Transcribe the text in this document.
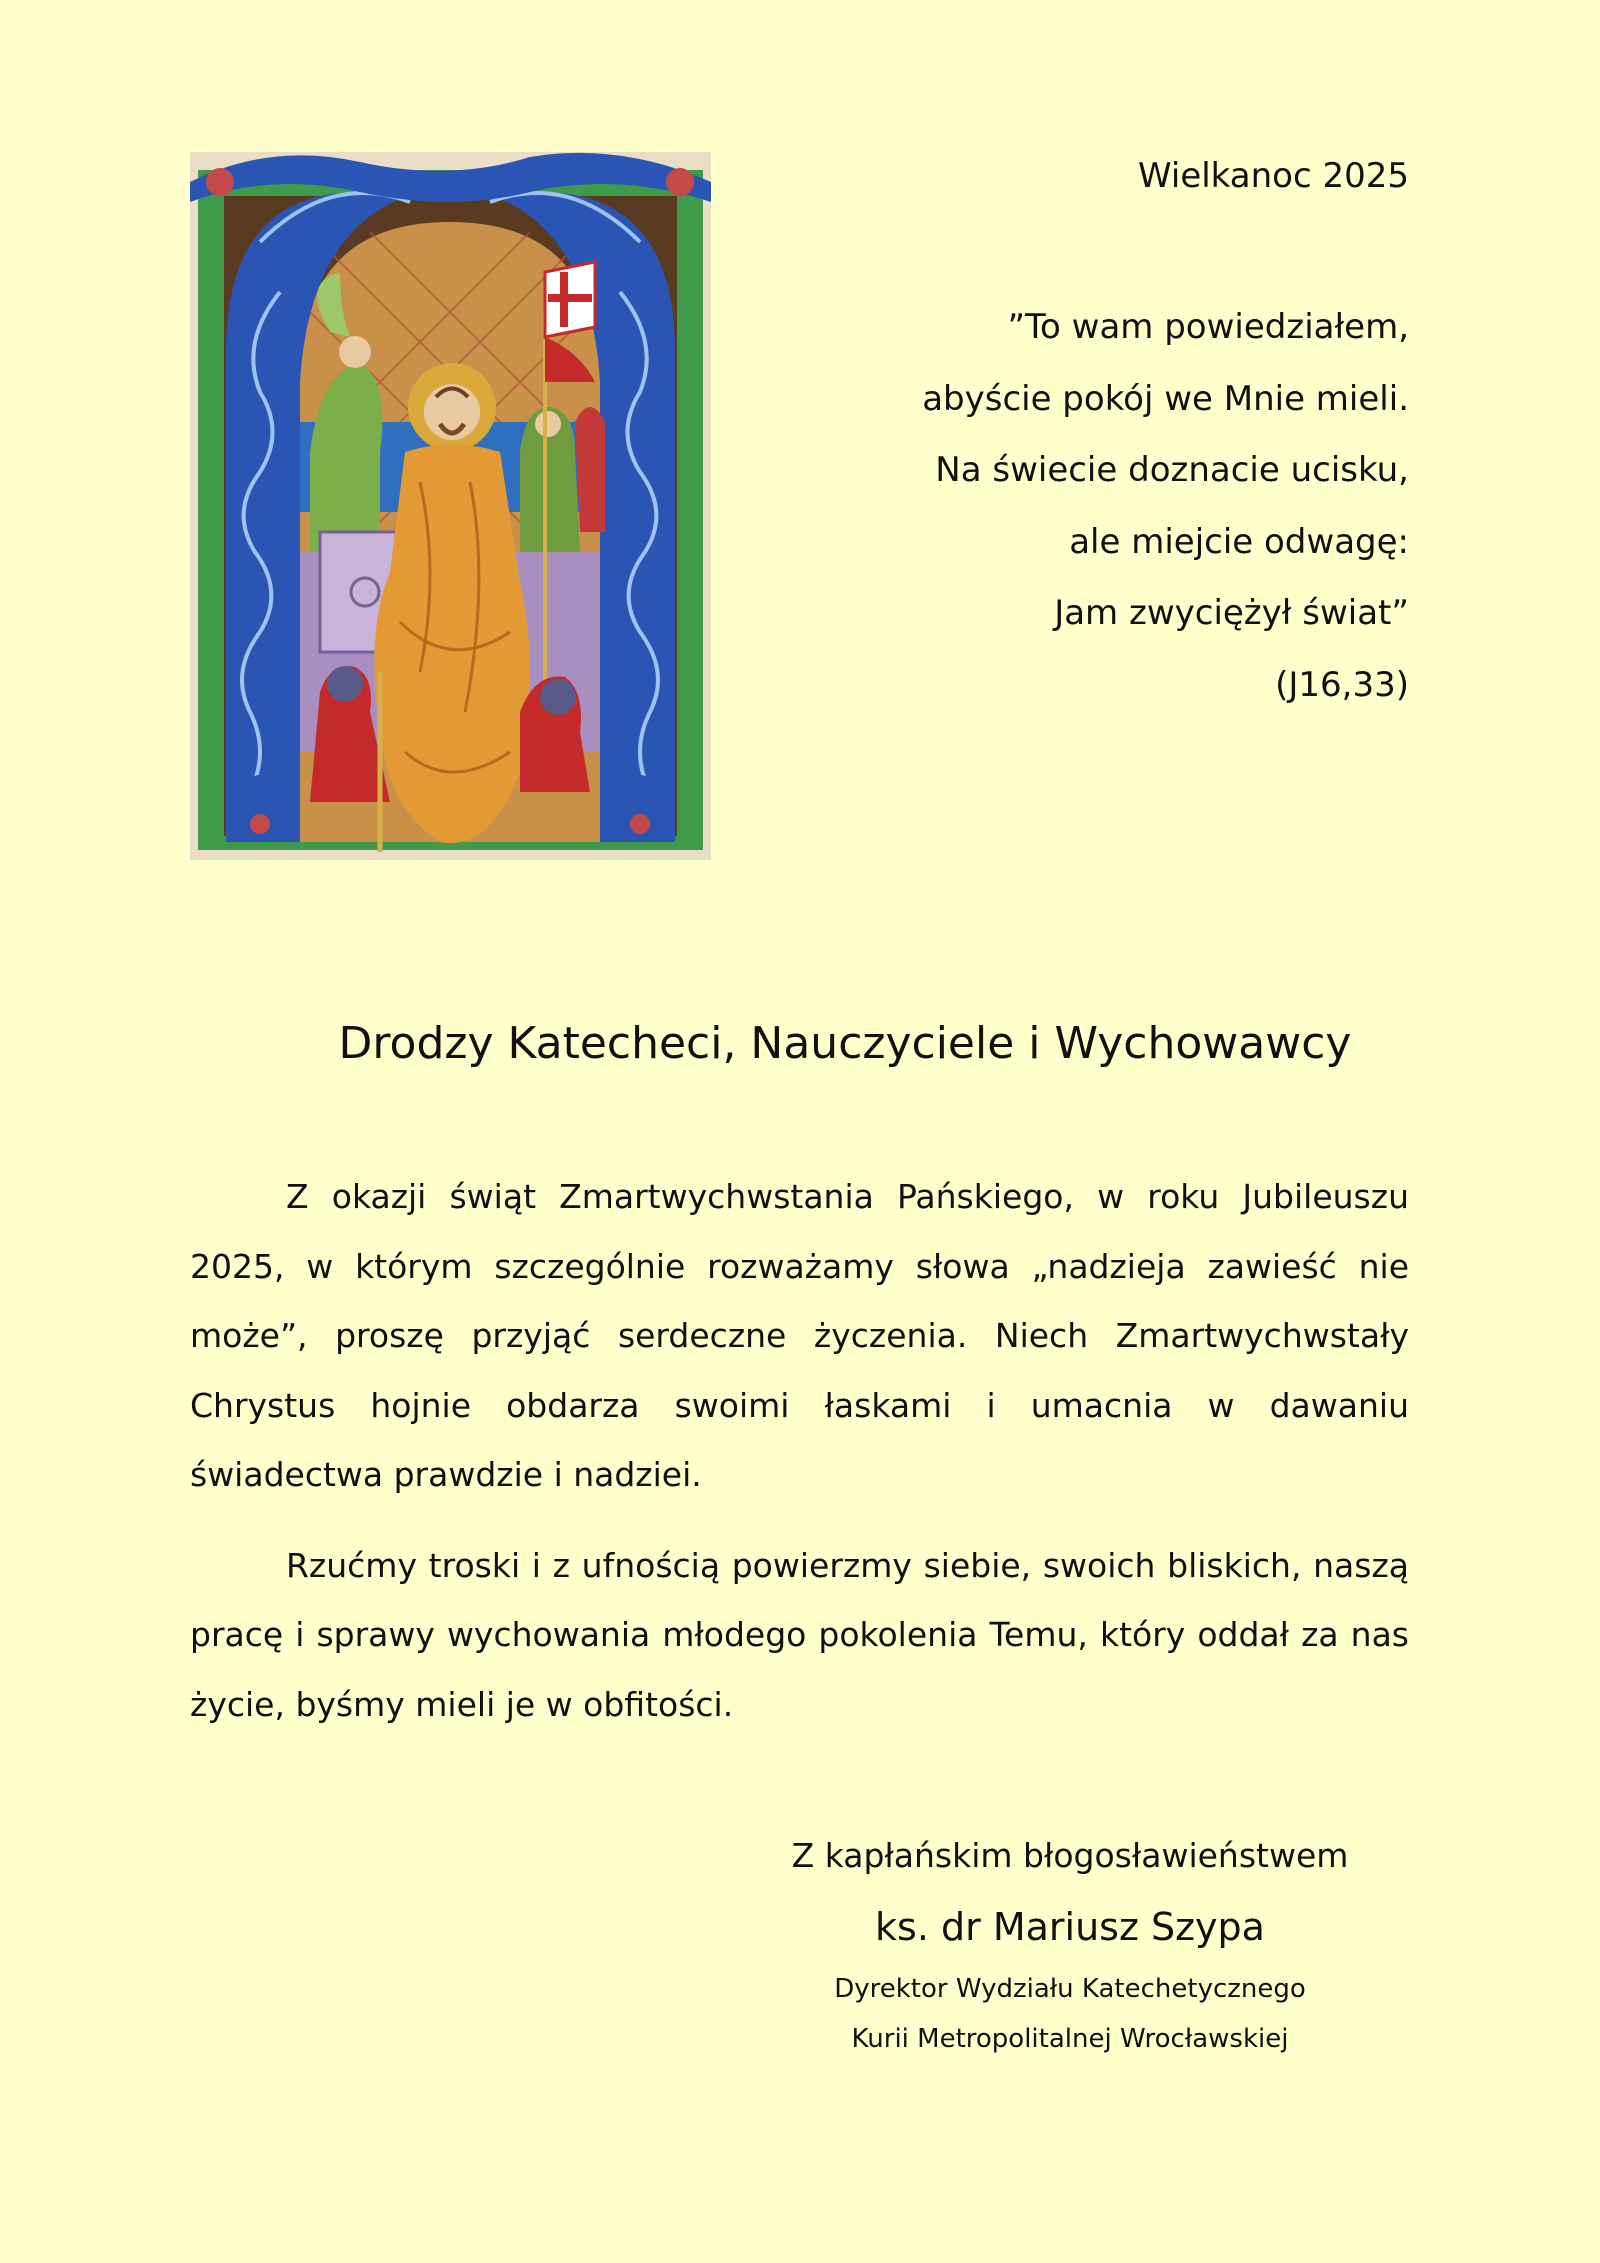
Wielkanoc 2025

”To wam powiedziałem,
abyście pokój we Mnie mieli.
Na świecie doznacie ucisku,
ale miejcie odwagę:
Jam zwyciężył świat”
(J16,33)
Drodzy Katecheci, Nauczyciele i Wychowawcy

Z okazji świąt Zmartwychwstania Pańskiego, w roku Jubileuszu 2025, w którym szczególnie rozważamy słowa „nadzieja zawieść nie może”, proszę przyjąć serdeczne życzenia. Niech Zmartwychwstały Chrystus hojnie obdarza swoimi łaskami i umacnia w dawaniu świadectwa prawdzie i nadziei.

Rzućmy troski i z ufnością powierzmy siebie, swoich bliskich, naszą pracę i sprawy wychowania młodego pokolenia Temu, który oddał za nas życie, byśmy mieli je w obfitości.

Z kapłańskim błogosławieństwem

ks. dr Mariusz Szypa

Dyrektor Wydziału Katechetycznego

Kurii Metropolitalnej Wrocławskiej
